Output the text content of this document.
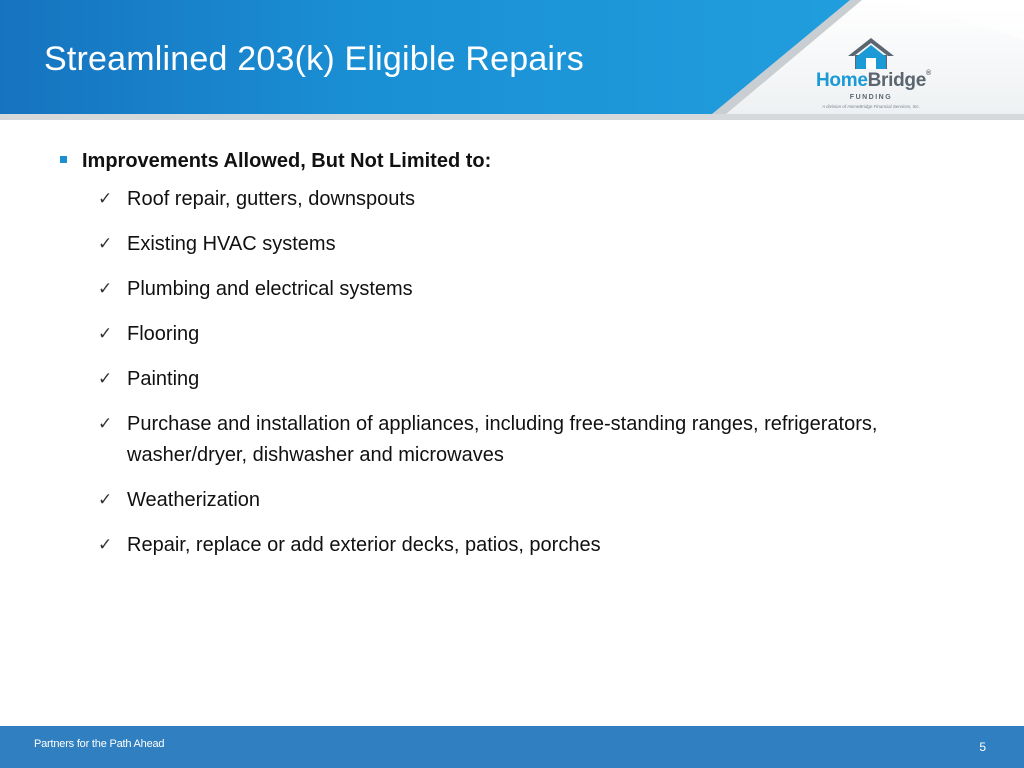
Streamlined 203(k) Eligible Repairs
HomeBridge®
FUNDING
A division of HomeBridge Financial Services, Inc.
Improvements Allowed, But Not Limited to:
✓ Roof repair, gutters, downspouts
✓ Existing HVAC systems
✓ Plumbing and electrical systems
✓ Flooring
✓ Painting
✓ Purchase and installation of appliances, including free-standing ranges, refrigerators, washer/dryer, dishwasher and microwaves
✓ Weatherization
✓ Repair, replace or add exterior decks, patios, porches
Partners for the Path Ahead	5
